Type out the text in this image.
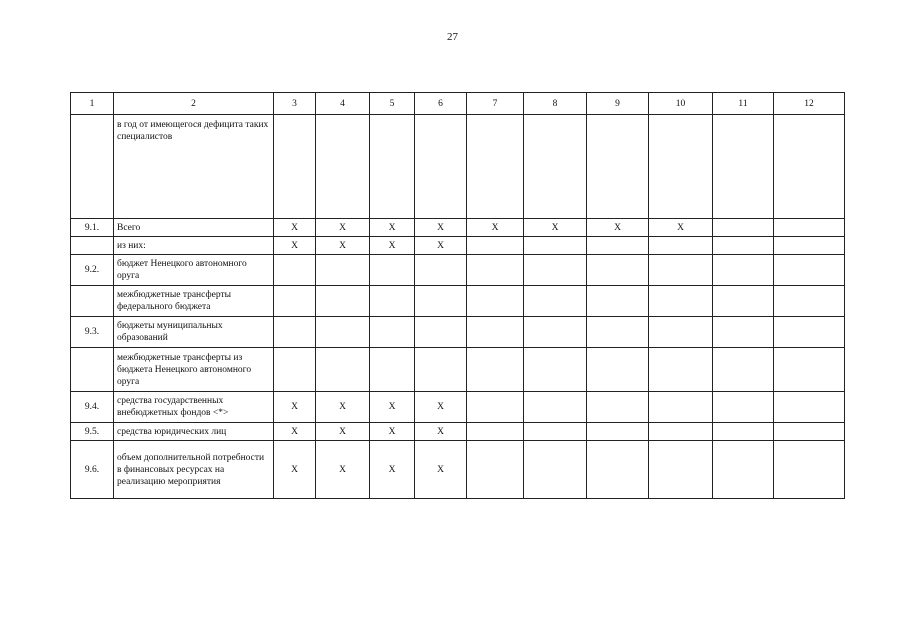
27
1	2	3	4	5	6	7	8	9	10	11	12
	в год от имеющегося дефицита таких специалистов										
9.1.	Всего	X	X	X	X	X	X	X	X		
	из них:	X	X	X	X						
9.2.	бюджет Ненецкого автономного оруга										
	межбюджетные трансферты федерального бюджета										
9.3.	бюджеты муниципальных образований										
	межбюджетные трансферты из бюджета Ненецкого автономного оруга										
9.4.	средства государственных внебюджетных фондов <*>	X	X	X	X						
9.5.	средства юридических лиц	X	X	X	X						
9.6.	объем дополнительной потребности в финансовых ресурсах на реализацию мероприятия	X	X	X	X						
